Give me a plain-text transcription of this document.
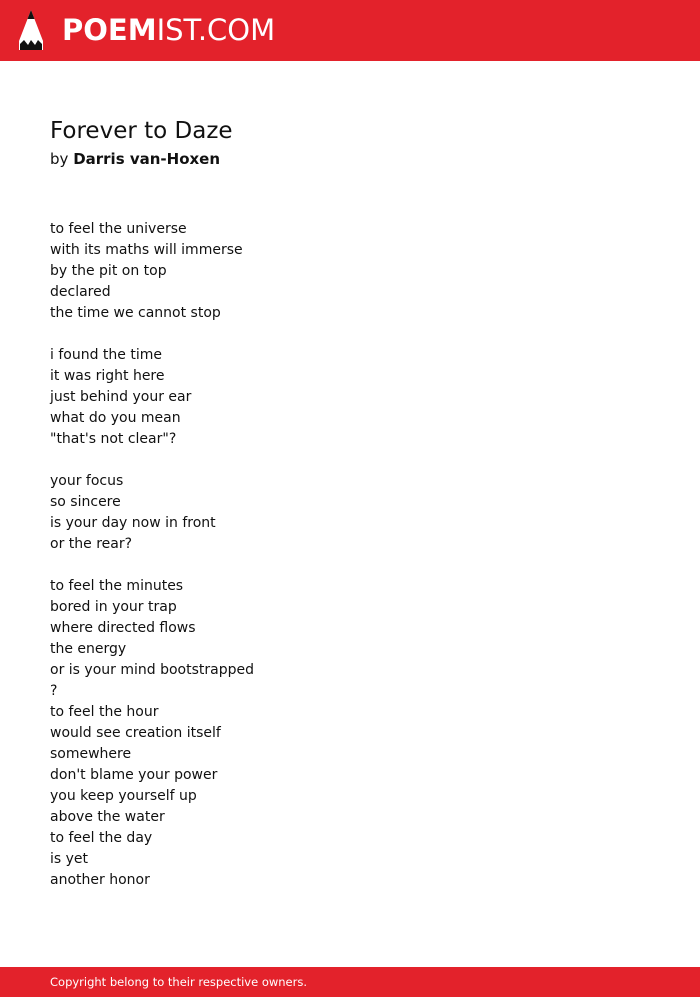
POEMIST.COM
Forever to Daze
by Darris van-Hoxen
to feel the universe
with its maths will immerse
by the pit on top
declared
the time we cannot stop
i found the time
it was right here
just behind your ear
what do you mean
"that's not clear"?
your focus
so sincere
is your day now in front
or the rear?
to feel the minutes
bored in your trap
where directed flows
the energy
or is your mind bootstrapped
?
to feel the hour
would see creation itself
somewhere
don't blame your power
you keep yourself up
above the water
to feel the day
is yet
another honor
Copyright belong to their respective owners.
